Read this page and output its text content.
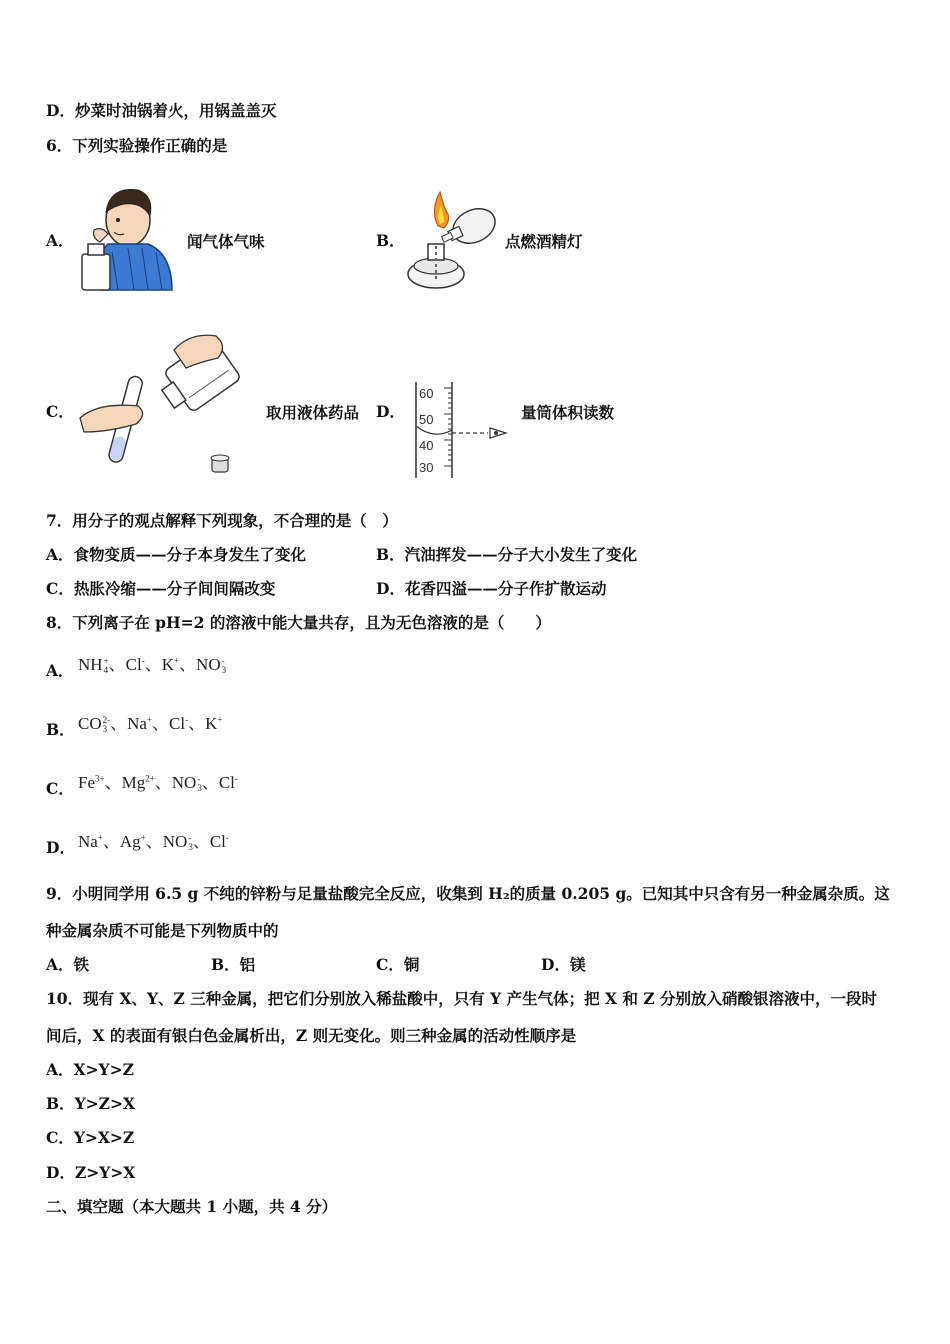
D．炒菜时油锅着火，用锅盖盖灭
6．下列实验操作正确的是
A．	闻气体气味	B．	点燃酒精灯
C．	取用液体药品 D．
60
50
40
30
量筒体积读数
7．用分子的观点解释下列现象，不合理的是（　）
A．食物变质——分子本身发生了变化	B．汽油挥发——分子大小发生了变化
C．热胀冷缩——分子间间隔改变	D．花香四溢——分子作扩散运动
8．下列离子在 pH=2 的溶液中能大量共存，且为无色溶液的是（　　）
A． NH +
4 、Cl-、K+、NO -
3
B． CO 2-
3 、Na+、Cl-、K+
C． $Fe^{3+}$、$Mg^{2+}$、NO -
3 、Cl-
D． Na+、Ag+、NO -
3 、Cl-
9．小明同学用 6.5 g 不纯的锌粉与足量盐酸完全反应，收集到 H₂的质量 0.205 g。已知其中只含有另一种金属杂质。这
种金属杂质不可能是下列物质中的
A．铁	B．铝	C．铜	D．镁
10．现有 X、Y、Z 三种金属，把它们分别放入稀盐酸中，只有 Y 产生气体；把 X 和 Z 分别放入硝酸银溶液中，一段时
间后，X 的表面有银白色金属析出，Z 则无变化。则三种金属的活动性顺序是
A．X>Y>Z
B．Y>Z>X
C．Y>X>Z
D．Z>Y>X
二、填空题（本大题共 1 小题，共 4 分）
